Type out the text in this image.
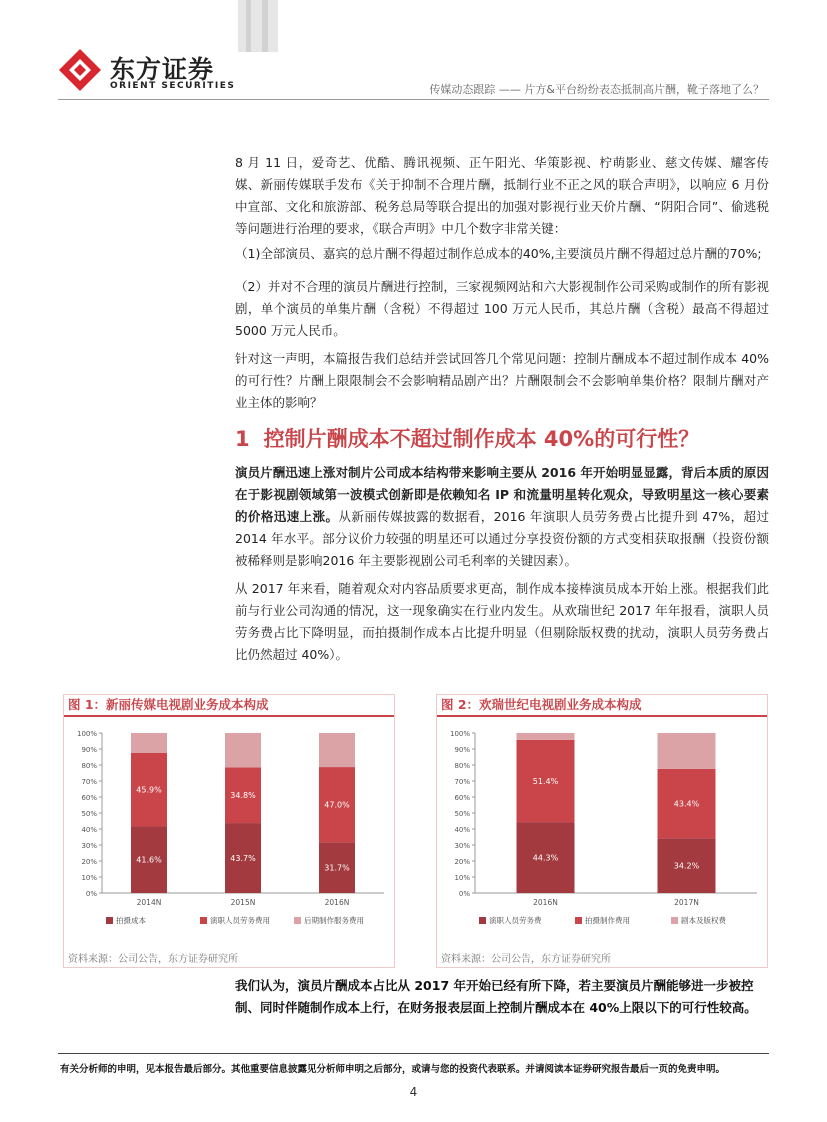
东方证券
ORIENT SECURITIES	传媒动态跟踪 —— 片方&平台纷纷表态抵制高片酬，靴子落地了么？

8 月 11 日，爱奇艺、优酷、腾讯视频、正午阳光、华策影视、柠萌影业、慈文传媒、耀客传媒、新丽传媒联手发布《关于抑制不合理片酬，抵制行业不正之风的联合声明》，以响应 6 月份中宣部、文化和旅游部、税务总局等联合提出的加强对影视行业天价片酬、“阴阳合同”、偷逃税等问题进行治理的要求，《联合声明》中几个数字非常关键：

（1)全部演员、嘉宾的总片酬不得超过制作总成本的40%,主要演员片酬不得超过总片酬的70%;

（2）并对不合理的演员片酬进行控制，三家视频网站和六大影视制作公司采购或制作的所有影视剧，单个演员的单集片酬（含税）不得超过 100 万元人民币，其总片酬（含税）最高不得超过 5000 万元人民币。

针对这一声明，本篇报告我们总结并尝试回答几个常见问题：控制片酬成本不超过制作成本 40%的可行性？片酬上限限制会不会影响精品剧产出？片酬限制会不会影响单集价格？限制片酬对产业主体的影响？

1 控制片酬成本不超过制作成本 40%的可行性？

演员片酬迅速上涨对制片公司成本结构带来影响主要从 2016 年开始明显显露，背后本质的原因在于影视剧领域第一波模式创新即是依赖知名 IP 和流量明星转化观众，导致明星这一核心要素的价格迅速上涨。从新丽传媒披露的数据看，2016 年演职人员劳务费占比提升到 47%，超过 2014 年水平。部分议价力较强的明星还可以通过分享投资份额的方式变相获取报酬（投资份额被稀释则是影响2016 年主要影视剧公司毛利率的关键因素）。

从 2017 年来看，随着观众对内容品质要求更高，制作成本接棒演员成本开始上涨。根据我们此前与行业公司沟通的情况，这一现象确实在行业内发生。从欢瑞世纪 2017 年年报看，演职人员劳务费占比下降明显，而拍摄制作成本占比提升明显（但剔除版权费的扰动，演职人员劳务费占比仍然超过 40%）。

图 1：新丽传媒电视剧业务成本构成
0%
10%
20%
30%
40%
50%
60%
70%
80%
90%
100%
41.6%
45.9%
2014N
43.7%
34.8%
2015N
31.7%
47.0%
2016N
拍摄成本	演职人员劳务费用	后期制作服务费用
资料来源：公司公告，东方证券研究所
图 2：欢瑞世纪电视剧业务成本构成
0%
10%
20%
30%
40%
50%
60%
70%
80%
90%
100%
44.3%
51.4%
2016N
34.2%
43.4%
2017N
演职人员劳务费	拍摄制作费用	剧本及版权费
资料来源：公司公告，东方证券研究所

我们认为，演员片酬成本占比从 2017 年开始已经有所下降，若主要演员片酬能够进一步被控制、同时伴随制作成本上行，在财务报表层面上控制片酬成本在 40%上限以下的可行性较高。

有关分析师的申明，见本报告最后部分。其他重要信息披露见分析师申明之后部分，或请与您的投资代表联系。并请阅读本证券研究报告最后一页的免责申明。
4
